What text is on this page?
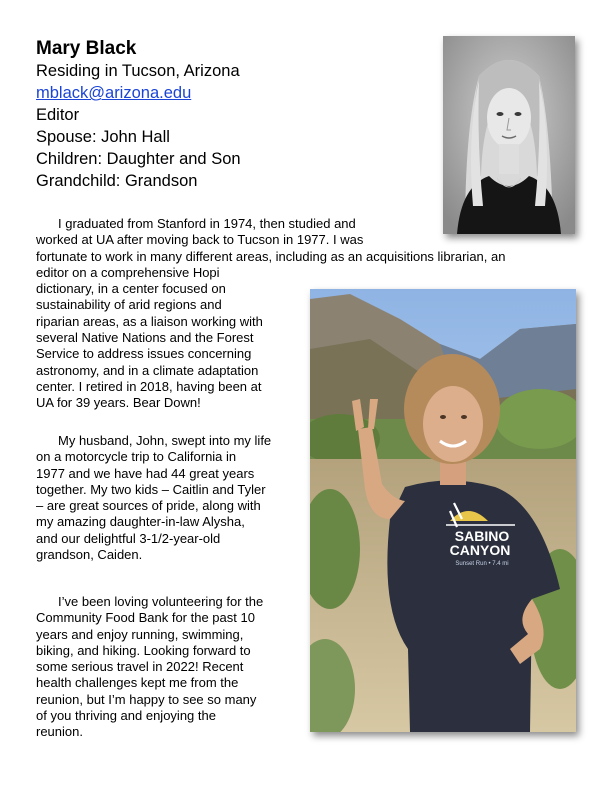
Mary Black

Residing in Tucson, Arizona

mblack@arizona.edu

Editor

Spouse: John Hall

Children: Daughter and Son

Grandchild: Grandson

SABINO
CANYON
Sunset Run • 7.4 mi
I graduated from Stanford in 1974, then studied and
worked at UA after moving back to Tucson in 1977. I was
fortunate to work in many different areas, including as an acquisitions librarian, an
editor on a comprehensive Hopi
dictionary, in a center focused on
sustainability of arid regions and
riparian areas, as a liaison working with
several Native Nations and the Forest
Service to address issues concerning
astronomy, and in a climate adaptation
center. I retired in 2018, having been at
UA for 39 years. Bear Down!
My husband, John, swept into my life
on a motorcycle trip to California in
1977 and we have had 44 great years
together. My two kids – Caitlin and Tyler
– are great sources of pride, along with
my amazing daughter-in-law Alysha,
and our delightful 3-1/2-year-old
grandson, Caiden.
I’ve been loving volunteering for the
Community Food Bank for the past 10
years and enjoy running, swimming,
biking, and hiking. Looking forward to
some serious travel in 2022! Recent
health challenges kept me from the
reunion, but I’m happy to see so many
of you thriving and enjoying the
reunion.
